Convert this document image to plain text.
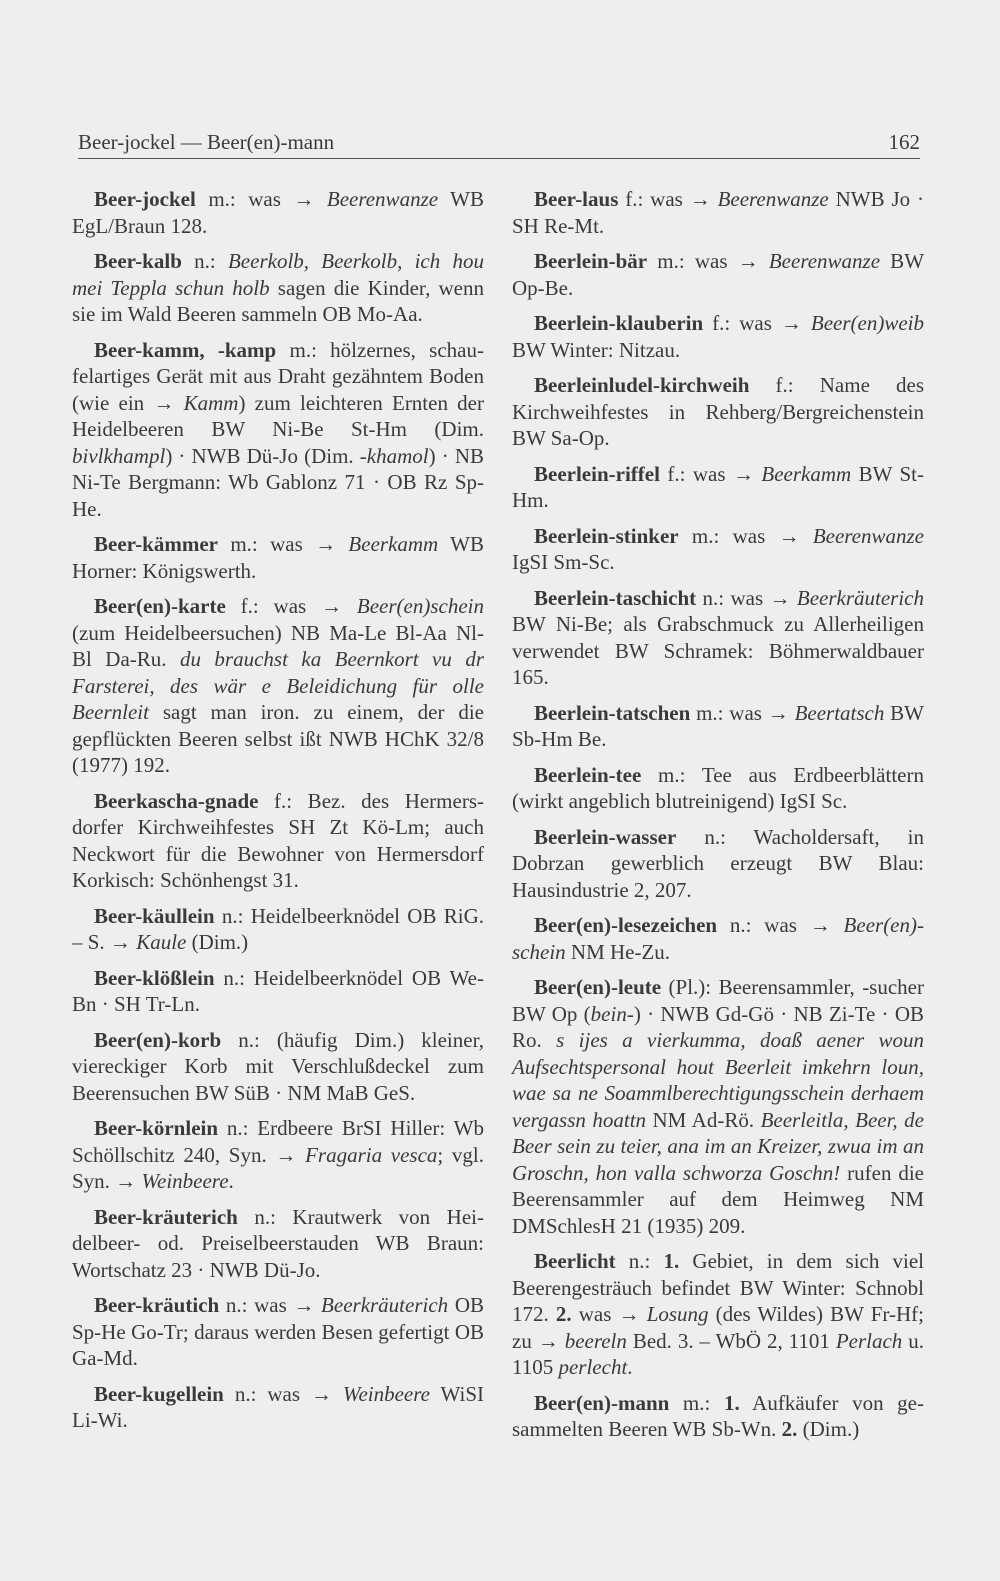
Beer-jockel — Beer(en)-mann	162

Beer-jockel m.: was → Beerenwanze WB EgL/Braun 128.

Beer-kalb n.: Beerkolb, Beerkolb, ich hou mei Teppla schun holb sagen die Kinder, wenn sie im Wald Beeren sammeln OB Mo-Aa.

Beer-kamm, -kamp m.: hölzernes, schaufelartiges Gerät mit aus Draht gezähntem Boden (wie ein → Kamm) zum leichteren Ernten der Heidelbeeren BW Ni-Be St-Hm (Dim. bivlkhampl) · NWB Dü-Jo (Dim. -khamol) · NB Ni-Te Bergmann: Wb Gablonz 71 · OB Rz Sp-He.

Beer-kämmer m.: was → Beerkamm WB Horner: Königswerth.

Beer(en)-karte f.: was → Beer(en)schein (zum Heidelbeersuchen) NB Ma-Le Bl-Aa Nl-Bl Da-Ru. du brauchst ka Beernkort vu dr Farsterei, des wär e Beleidichung für olle Beernleit sagt man iron. zu einem, der die gepflückten Beeren selbst ißt NWB HChK 32/8 (1977) 192.

Beerkascha-gnade f.: Bez. des Hermersdorfer Kirchweihfestes SH Zt Kö-Lm; auch Neckwort für die Bewohner von Hermersdorf Korkisch: Schönhengst 31.

Beer-käullein n.: Heidelbeerknödel OB RiG. – S. → Kaule (Dim.)

Beer-klößlein n.: Heidelbeerknödel OB We-Bn · SH Tr-Ln.

Beer(en)-korb n.: (häufig Dim.) kleiner, viereckiger Korb mit Verschlußdeckel zum Beerensuchen BW SüB · NM MaB GeS.

Beer-körnlein n.: Erdbeere BrSI Hiller: Wb Schöllschitz 240, Syn. → Fragaria vesca; vgl. Syn. → Weinbeere.

Beer-kräuterich n.: Krautwerk von Heidelbeer- od. Preiselbeerstauden WB Braun: Wortschatz 23 · NWB Dü-Jo.

Beer-kräutich n.: was → Beerkräuterich OB Sp-He Go-Tr; daraus werden Besen gefertigt OB Ga-Md.

Beer-kugellein n.: was → Weinbeere WiSI Li-Wi.

Beer-laus f.: was → Beerenwanze NWB Jo · SH Re-Mt.

Beerlein-bär m.: was → Beerenwanze BW Op-Be.

Beerlein-klauberin f.: was → Beer(en)weib BW Winter: Nitzau.

Beerleinludel-kirchweih f.: Name des Kirchweihfestes in Rehberg/Bergreichenstein BW Sa-Op.

Beerlein-riffel f.: was → Beerkamm BW St-Hm.

Beerlein-stinker m.: was → Beerenwanze IgSI Sm-Sc.

Beerlein-taschicht n.: was → Beerkräuterich BW Ni-Be; als Grabschmuck zu Allerheiligen verwendet BW Schramek: Böhmerwaldbauer 165.

Beerlein-tatschen m.: was → Beertatsch BW Sb-Hm Be.

Beerlein-tee m.: Tee aus Erdbeerblättern (wirkt angeblich blutreinigend) IgSI Sc.

Beerlein-wasser n.: Wacholdersaft, in Dobrzan gewerblich erzeugt BW Blau: Hausindustrie 2, 207.

Beer(en)-lesezeichen n.: was → Beer(en)schein NM He-Zu.

Beer(en)-leute (Pl.): Beerensammler, -sucher BW Op (bein-) · NWB Gd-Gö · NB Zi-Te · OB Ro. s ijes a vierkumma, doaß aener woun Aufsechtspersonal hout Beerleit imkehrn loun, wae sa ne Soammlberechtigungsschein derhaem vergassn hoattn NM Ad-Rö. Beerleitla, Beer, de Beer sein zu teier, ana im an Kreizer, zwua im an Groschn, hon valla schworza Goschn! rufen die Beerensammler auf dem Heimweg NM DMSchlesH 21 (1935) 209.

Beerlicht n.: 1. Gebiet, in dem sich viel Beerengesträuch befindet BW Winter: Schnobl 172. 2. was → Losung (des Wildes) BW Fr-Hf; zu → beereln Bed. 3. – WbÖ 2, 1101 Perlach u. 1105 perlecht.

Beer(en)-mann m.: 1. Aufkäufer von gesammelten Beeren WB Sb-Wn. 2. (Dim.)
